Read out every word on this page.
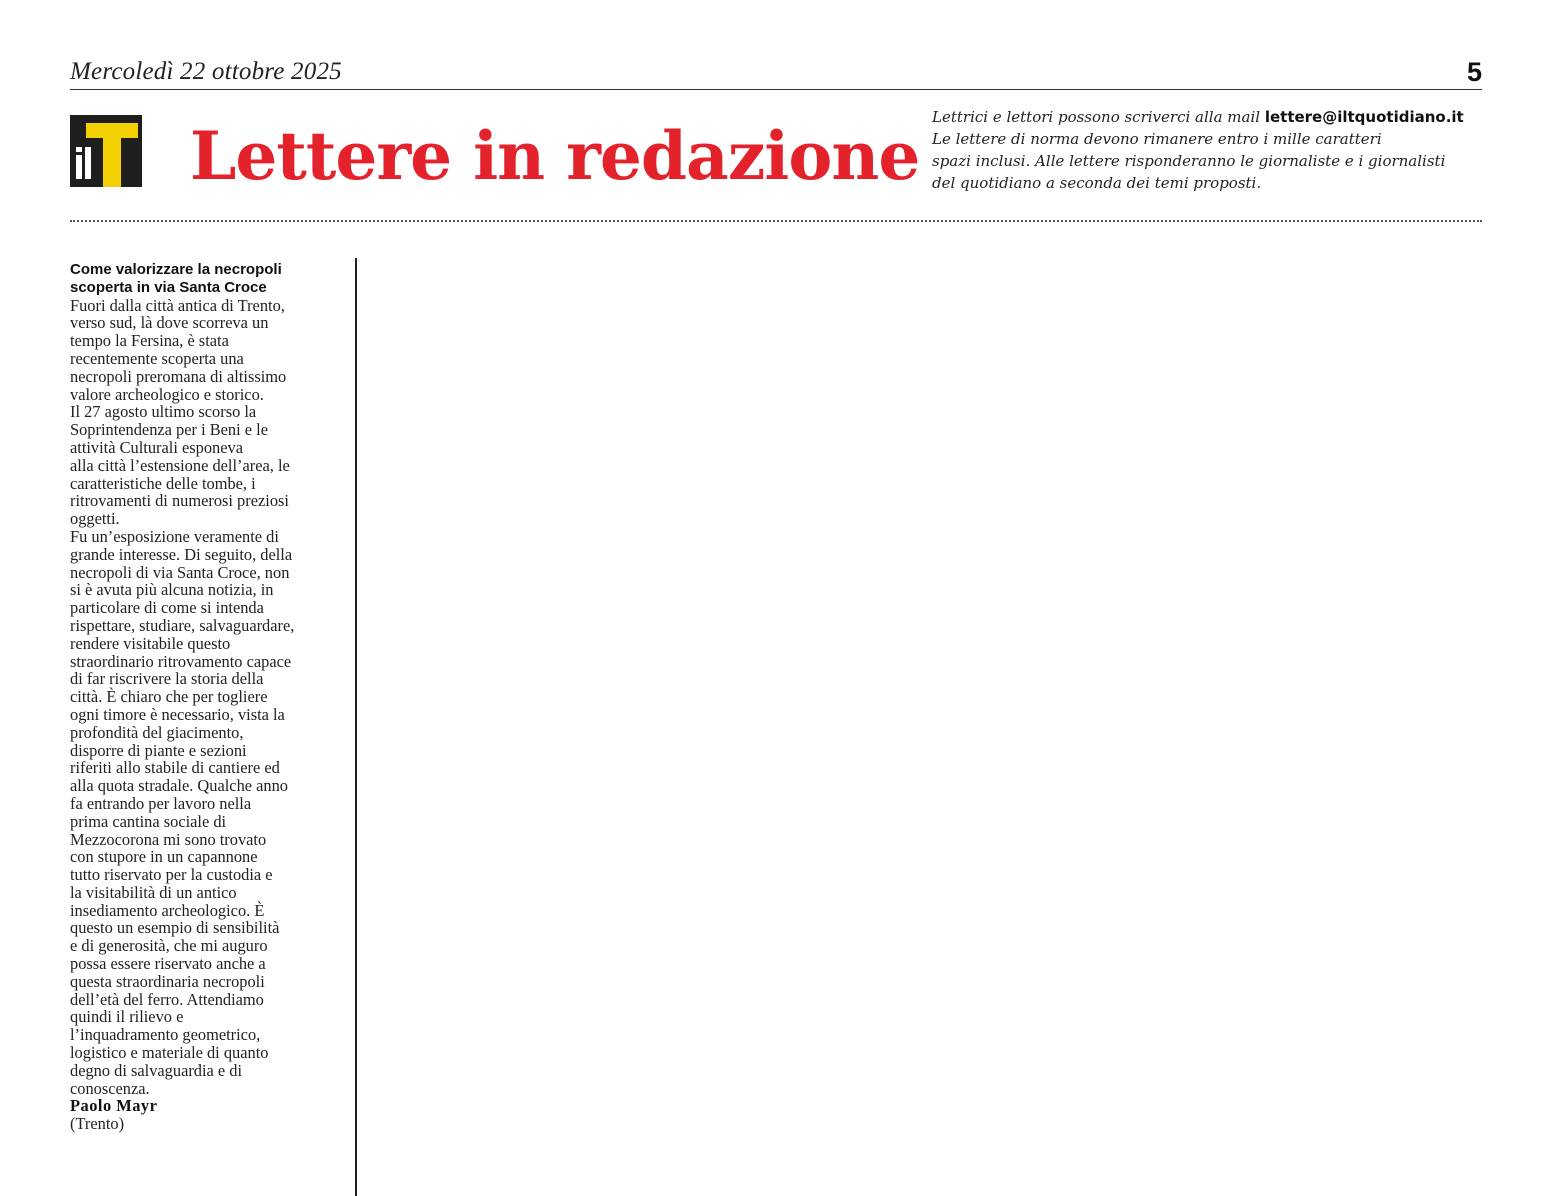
Mercoledì 22 ottobre 2025	5
Lettere in redazione Lettrici e lettori possono scriverci alla mail lettere@iltquotidiano.it
Le lettere di norma devono rimanere entro i mille caratteri
spazi inclusi. Alle lettere risponderanno le giornaliste e i giornalisti
del quotidiano a seconda dei temi proposti.
Come valorizzare la necropoli
scoperta in via Santa Croce
Fuori dalla città antica di Trento,
verso sud, là dove scorreva un
tempo la Fersina, è stata
recentemente scoperta una
necropoli preromana di altissimo
valore archeologico e storico.
Il 27 agosto ultimo scorso la
Soprintendenza per i Beni e le
attività Culturali esponeva
alla città l’estensione dell’area, le
caratteristiche delle tombe, i
ritrovamenti di numerosi preziosi
oggetti.
Fu un’esposizione veramente di
grande interesse. Di seguito, della
necropoli di via Santa Croce, non
si è avuta più alcuna notizia, in
particolare di come si intenda
rispettare, studiare, salvaguardare,
rendere visitabile questo
straordinario ritrovamento capace
di far riscrivere la storia della
città. È chiaro che per togliere
ogni timore è necessario, vista la
profondità del giacimento,
disporre di piante e sezioni
riferiti allo stabile di cantiere ed
alla quota stradale. Qualche anno
fa entrando per lavoro nella
prima cantina sociale di
Mezzocorona mi sono trovato
con stupore in un capannone
tutto riservato per la custodia e
la visitabilità di un antico
insediamento archeologico. È
questo un esempio di sensibilità
e di generosità, che mi auguro
possa essere riservato anche a
questa straordinaria necropoli
dell’età del ferro. Attendiamo
quindi il rilievo e
l’inquadramento geometrico,
logistico e materiale di quanto
degno di salvaguardia e di
conoscenza.
Paolo Mayr
(Trento)
